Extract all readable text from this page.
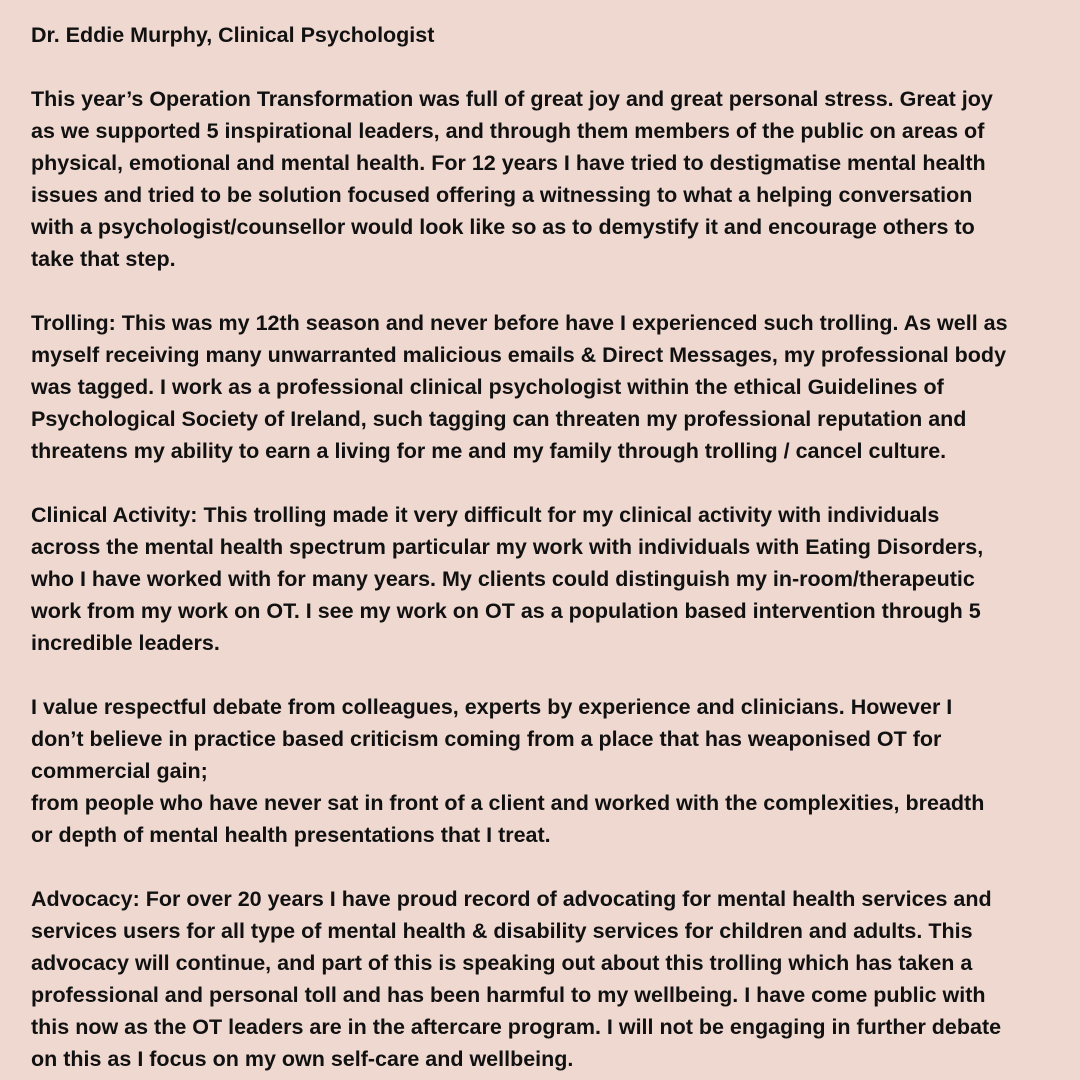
Dr. Eddie Murphy, Clinical Psychologist

This year’s Operation Transformation was full of great joy and great personal stress. Great joy
as we supported 5 inspirational leaders, and through them members of the public on areas of
physical, emotional and mental health. For 12 years I have tried to destigmatise mental health
issues and tried to be solution focused offering a witnessing to what a helping conversation
with a psychologist/counsellor would look like so as to demystify it and encourage others to
take that step.

Trolling: This was my 12th season and never before have I experienced such trolling. As well as
myself receiving many unwarranted malicious emails & Direct Messages, my professional body
was tagged. I work as a professional clinical psychologist within the ethical Guidelines of
Psychological Society of Ireland, such tagging can threaten my professional reputation and
threatens my ability to earn a living for me and my family through trolling / cancel culture.

Clinical Activity: This trolling made it very difficult for my clinical activity with individuals
across the mental health spectrum particular my work with individuals with Eating Disorders,
who I have worked with for many years. My clients could distinguish my in-room/therapeutic
work from my work on OT. I see my work on OT as a population based intervention through 5
incredible leaders.

I value respectful debate from colleagues, experts by experience and clinicians. However I
don’t believe in practice based criticism coming from a place that has weaponised OT for
commercial gain;
from people who have never sat in front of a client and worked with the complexities, breadth
or depth of mental health presentations that I treat.

Advocacy: For over 20 years I have proud record of advocating for mental health services and
services users for all type of mental health & disability services for children and adults. This
advocacy will continue, and part of this is speaking out about this trolling which has taken a
professional and personal toll and has been harmful to my wellbeing. I have come public with
this now as the OT leaders are in the aftercare program. I will not be engaging in further debate
on this as I focus on my own self-care and wellbeing.
